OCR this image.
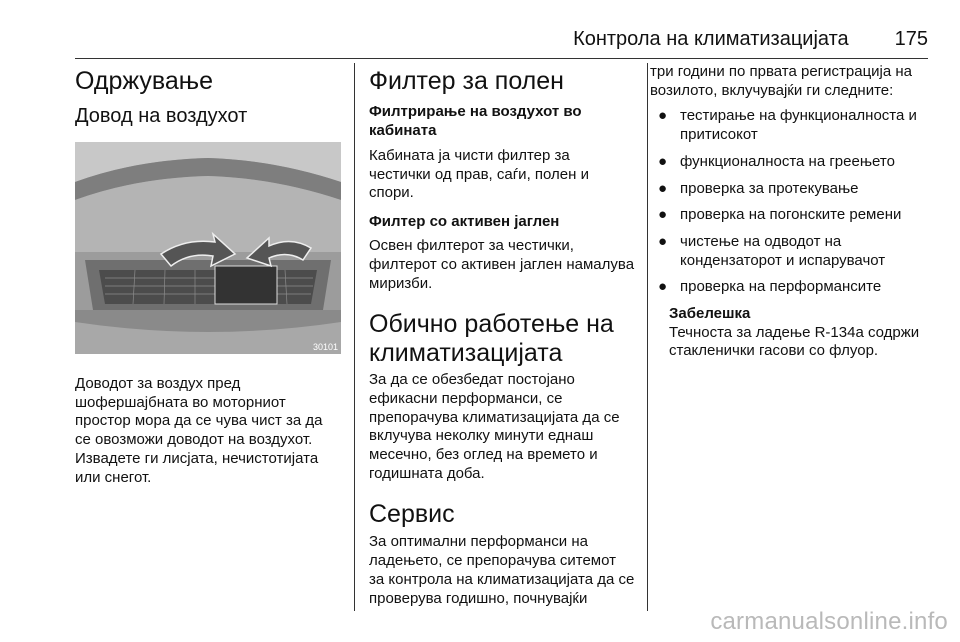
Контрола на климатизацијата 175
Одржување
Довод на воздухот
30101

Доводот за воздух пред шофершајбната во моторниот простор мора да се чува чист за да се овозможи доводот на воздухот. Извадете ги лисјата, нечистотијата или снегот.

Филтер за полен
Филтрирање на воздухот во кабината

Кабината ја чисти филтер за честички од прав, саѓи, полен и спори.

Филтер со активен јаглен

Освен филтерот за честички, филтерот со активен јаглен намалува миризби.

Обично работење на климатизацијата

За да се обезбедат постојано ефикасни перформанси, се препорачува климатизацијата да се вклучува неколку минути еднаш месечно, без оглед на времето и годишната доба.

Сервис

За оптимални перформанси на ладењето, се препорачува ситемот за контрола на климатизацијата да се проверува годишно, почнувајќи

три години по првата регистрација на возилото, вклучувајќи ги следните:

● тестирање на функционалноста и притисокот
● функционалноста на греењето
● проверка за протекување
● проверка на погонските ремени
● чистење на одводот на кондензаторот и испарувачот
● проверка на перформансите
Забелешка

Течноста за ладење R-134a содржи стакленички гасови со флуор.

carmanualsonline.info
